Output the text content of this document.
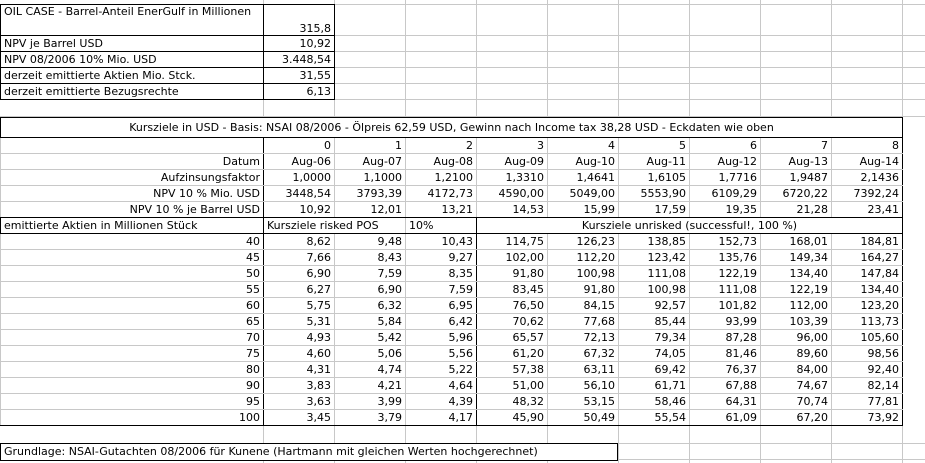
OIL CASE - Barrel-Anteil EnerGulf in Millionen	315,8
NPV je Barrel USD	10,92
NPV 08/2006 10% Mio. USD	3.448,54
derzeit emittierte Aktien Mio. Stck.	31,55
derzeit emittierte Bezugsrechte	6,13
Kursziele in USD - Basis: NSAI 08/2006 - Ölpreis 62,59 USD, Gewinn nach Income tax 38,28 USD - Eckdaten wie oben									
	0	1	2	3	4	5	6	7	8
Datum	Aug-06	Aug-07	Aug-08	Aug-09	Aug-10	Aug-11	Aug-12	Aug-13	Aug-14
Aufzinsungsfaktor	1,0000	1,1000	1,2100	1,3310	1,4641	1,6105	1,7716	1,9487	2,1436
NPV 10 % Mio. USD	3448,54	3793,39	4172,73	4590,00	5049,00	5553,90	6109,29	6720,22	7392,24
NPV 10 % je Barrel USD	10,92	12,01	13,21	14,53	15,99	17,59	19,35	21,28	23,41
emittierte Aktien in Millionen Stück	Kursziele risked POS		10%	Kursziele unrisked (successful!, 100 %)					
40	8,62	9,48	10,43	114,75	126,23	138,85	152,73	168,01	184,81
45	7,66	8,43	9,27	102,00	112,20	123,42	135,76	149,34	164,27
50	6,90	7,59	8,35	91,80	100,98	111,08	122,19	134,40	147,84
55	6,27	6,90	7,59	83,45	91,80	100,98	111,08	122,19	134,40
60	5,75	6,32	6,95	76,50	84,15	92,57	101,82	112,00	123,20
65	5,31	5,84	6,42	70,62	77,68	85,44	93,99	103,39	113,73
70	4,93	5,42	5,96	65,57	72,13	79,34	87,28	96,00	105,60
75	4,60	5,06	5,56	61,20	67,32	74,05	81,46	89,60	98,56
80	4,31	4,74	5,22	57,38	63,11	69,42	76,37	84,00	92,40
90	3,83	4,21	4,64	51,00	56,10	61,71	67,88	74,67	82,14
95	3,63	3,99	4,39	48,32	53,15	58,46	64,31	70,74	77,81
100	3,45	3,79	4,17	45,90	50,49	55,54	61,09	67,20	73,92
Grundlage: NSAI-Gutachten 08/2006 für Kunene (Hartmann mit gleichen Werten hochgerechnet)
